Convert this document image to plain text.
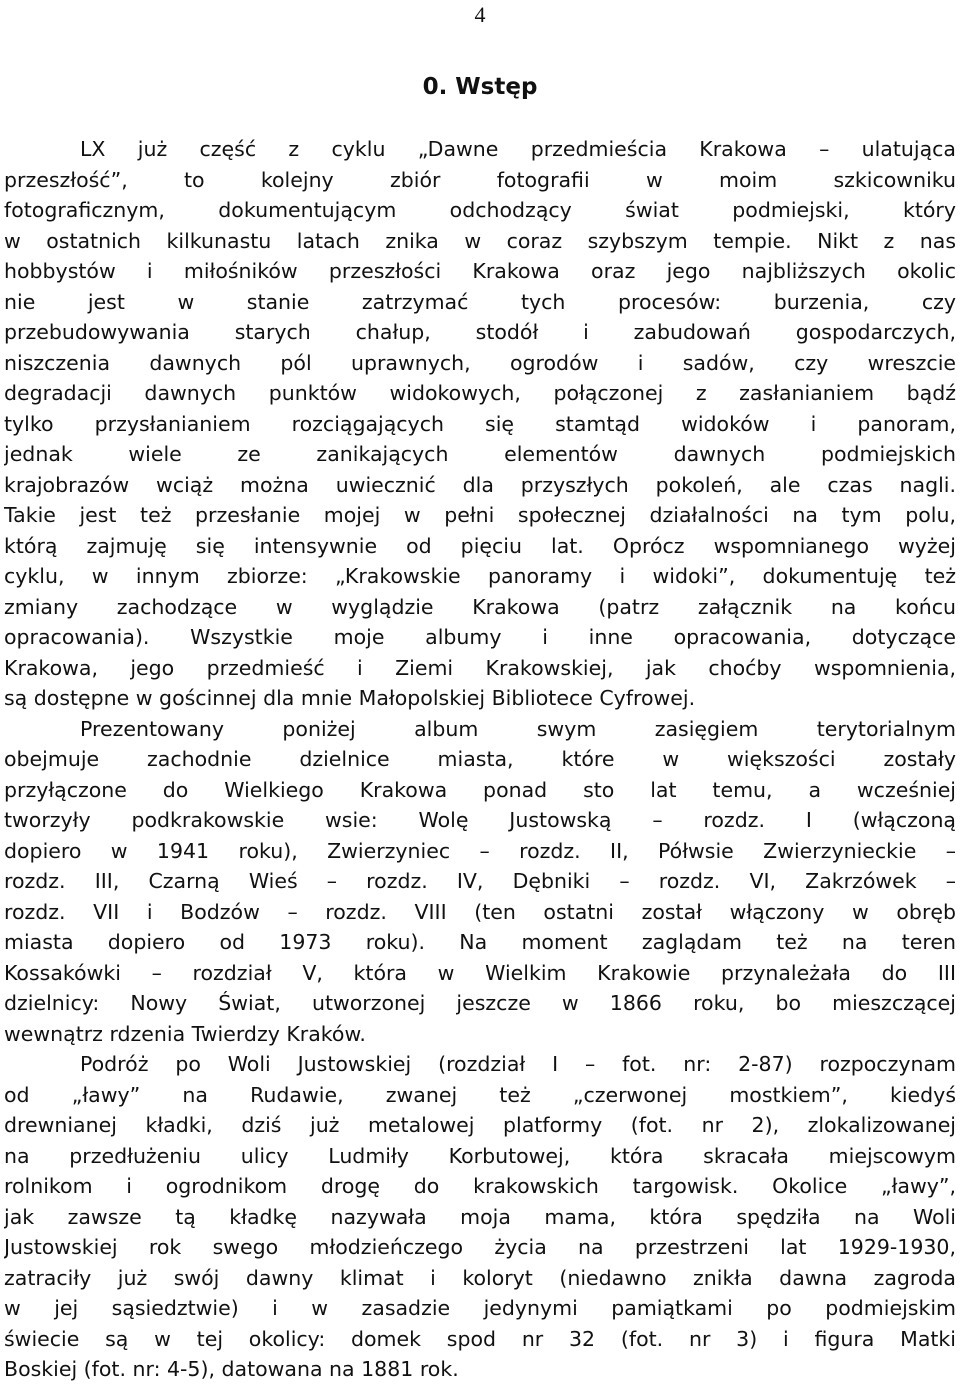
4
0. Wstęp
LX już część z cyklu „Dawne przedmieścia Krakowa – ulatująca
przeszłość”, to kolejny zbiór fotografii w moim szkicowniku
fotograficznym, dokumentującym odchodzący świat podmiejski, który
w ostatnich kilkunastu latach znika w coraz szybszym tempie. Nikt z nas
hobbystów i miłośników przeszłości Krakowa oraz jego najbliższych okolic
nie jest w stanie zatrzymać tych procesów: burzenia, czy
przebudowywania starych chałup, stodół i zabudowań gospodarczych,
niszczenia dawnych pól uprawnych, ogrodów i sadów, czy wreszcie
degradacji dawnych punktów widokowych, połączonej z zasłanianiem bądź
tylko przysłanianiem rozciągających się stamtąd widoków i panoram,
jednak wiele ze zanikających elementów dawnych podmiejskich
krajobrazów wciąż można uwiecznić dla przyszłych pokoleń, ale czas nagli.
Takie jest też przesłanie mojej w pełni społecznej działalności na tym polu,
którą zajmuję się intensywnie od pięciu lat. Oprócz wspomnianego wyżej
cyklu, w innym zbiorze: „Krakowskie panoramy i widoki”, dokumentuję też
zmiany zachodzące w wyglądzie Krakowa (patrz załącznik na końcu
opracowania). Wszystkie moje albumy i inne opracowania, dotyczące
Krakowa, jego przedmieść i Ziemi Krakowskiej, jak choćby wspomnienia,
są dostępne w gościnnej dla mnie Małopolskiej Bibliotece Cyfrowej.
Prezentowany poniżej album swym zasięgiem terytorialnym
obejmuje zachodnie dzielnice miasta, które w większości zostały
przyłączone do Wielkiego Krakowa ponad sto lat temu, a wcześniej
tworzyły podkrakowskie wsie: Wolę Justowską – rozdz. I (włączoną
dopiero w 1941 roku), Zwierzyniec – rozdz. II, Półwsie Zwierzynieckie –
rozdz. III, Czarną Wieś – rozdz. IV, Dębniki – rozdz. VI, Zakrzówek –
rozdz. VII i Bodzów – rozdz. VIII (ten ostatni został włączony w obręb
miasta dopiero od 1973 roku). Na moment zaglądam też na teren
Kossakówki – rozdział V, która w Wielkim Krakowie przynależała do III
dzielnicy: Nowy Świat, utworzonej jeszcze w 1866 roku, bo mieszczącej
wewnątrz rdzenia Twierdzy Kraków.
Podróż po Woli Justowskiej (rozdział I – fot. nr: 2-87) rozpoczynam
od „ławy” na Rudawie, zwanej też „czerwonej mostkiem”, kiedyś
drewnianej kładki, dziś już metalowej platformy (fot. nr 2), zlokalizowanej
na przedłużeniu ulicy Ludmiły Korbutowej, która skracała miejscowym
rolnikom i ogrodnikom drogę do krakowskich targowisk. Okolice „ławy”,
jak zawsze tą kładkę nazywała moja mama, która spędziła na Woli
Justowskiej rok swego młodzieńczego życia na przestrzeni lat 1929-1930,
zatraciły już swój dawny klimat i koloryt (niedawno znikła dawna zagroda
w jej sąsiedztwie) i w zasadzie jedynymi pamiątkami po podmiejskim
świecie są w tej okolicy: domek spod nr 32 (fot. nr 3) i figura Matki
Boskiej (fot. nr: 4-5), datowana na 1881 rok.
